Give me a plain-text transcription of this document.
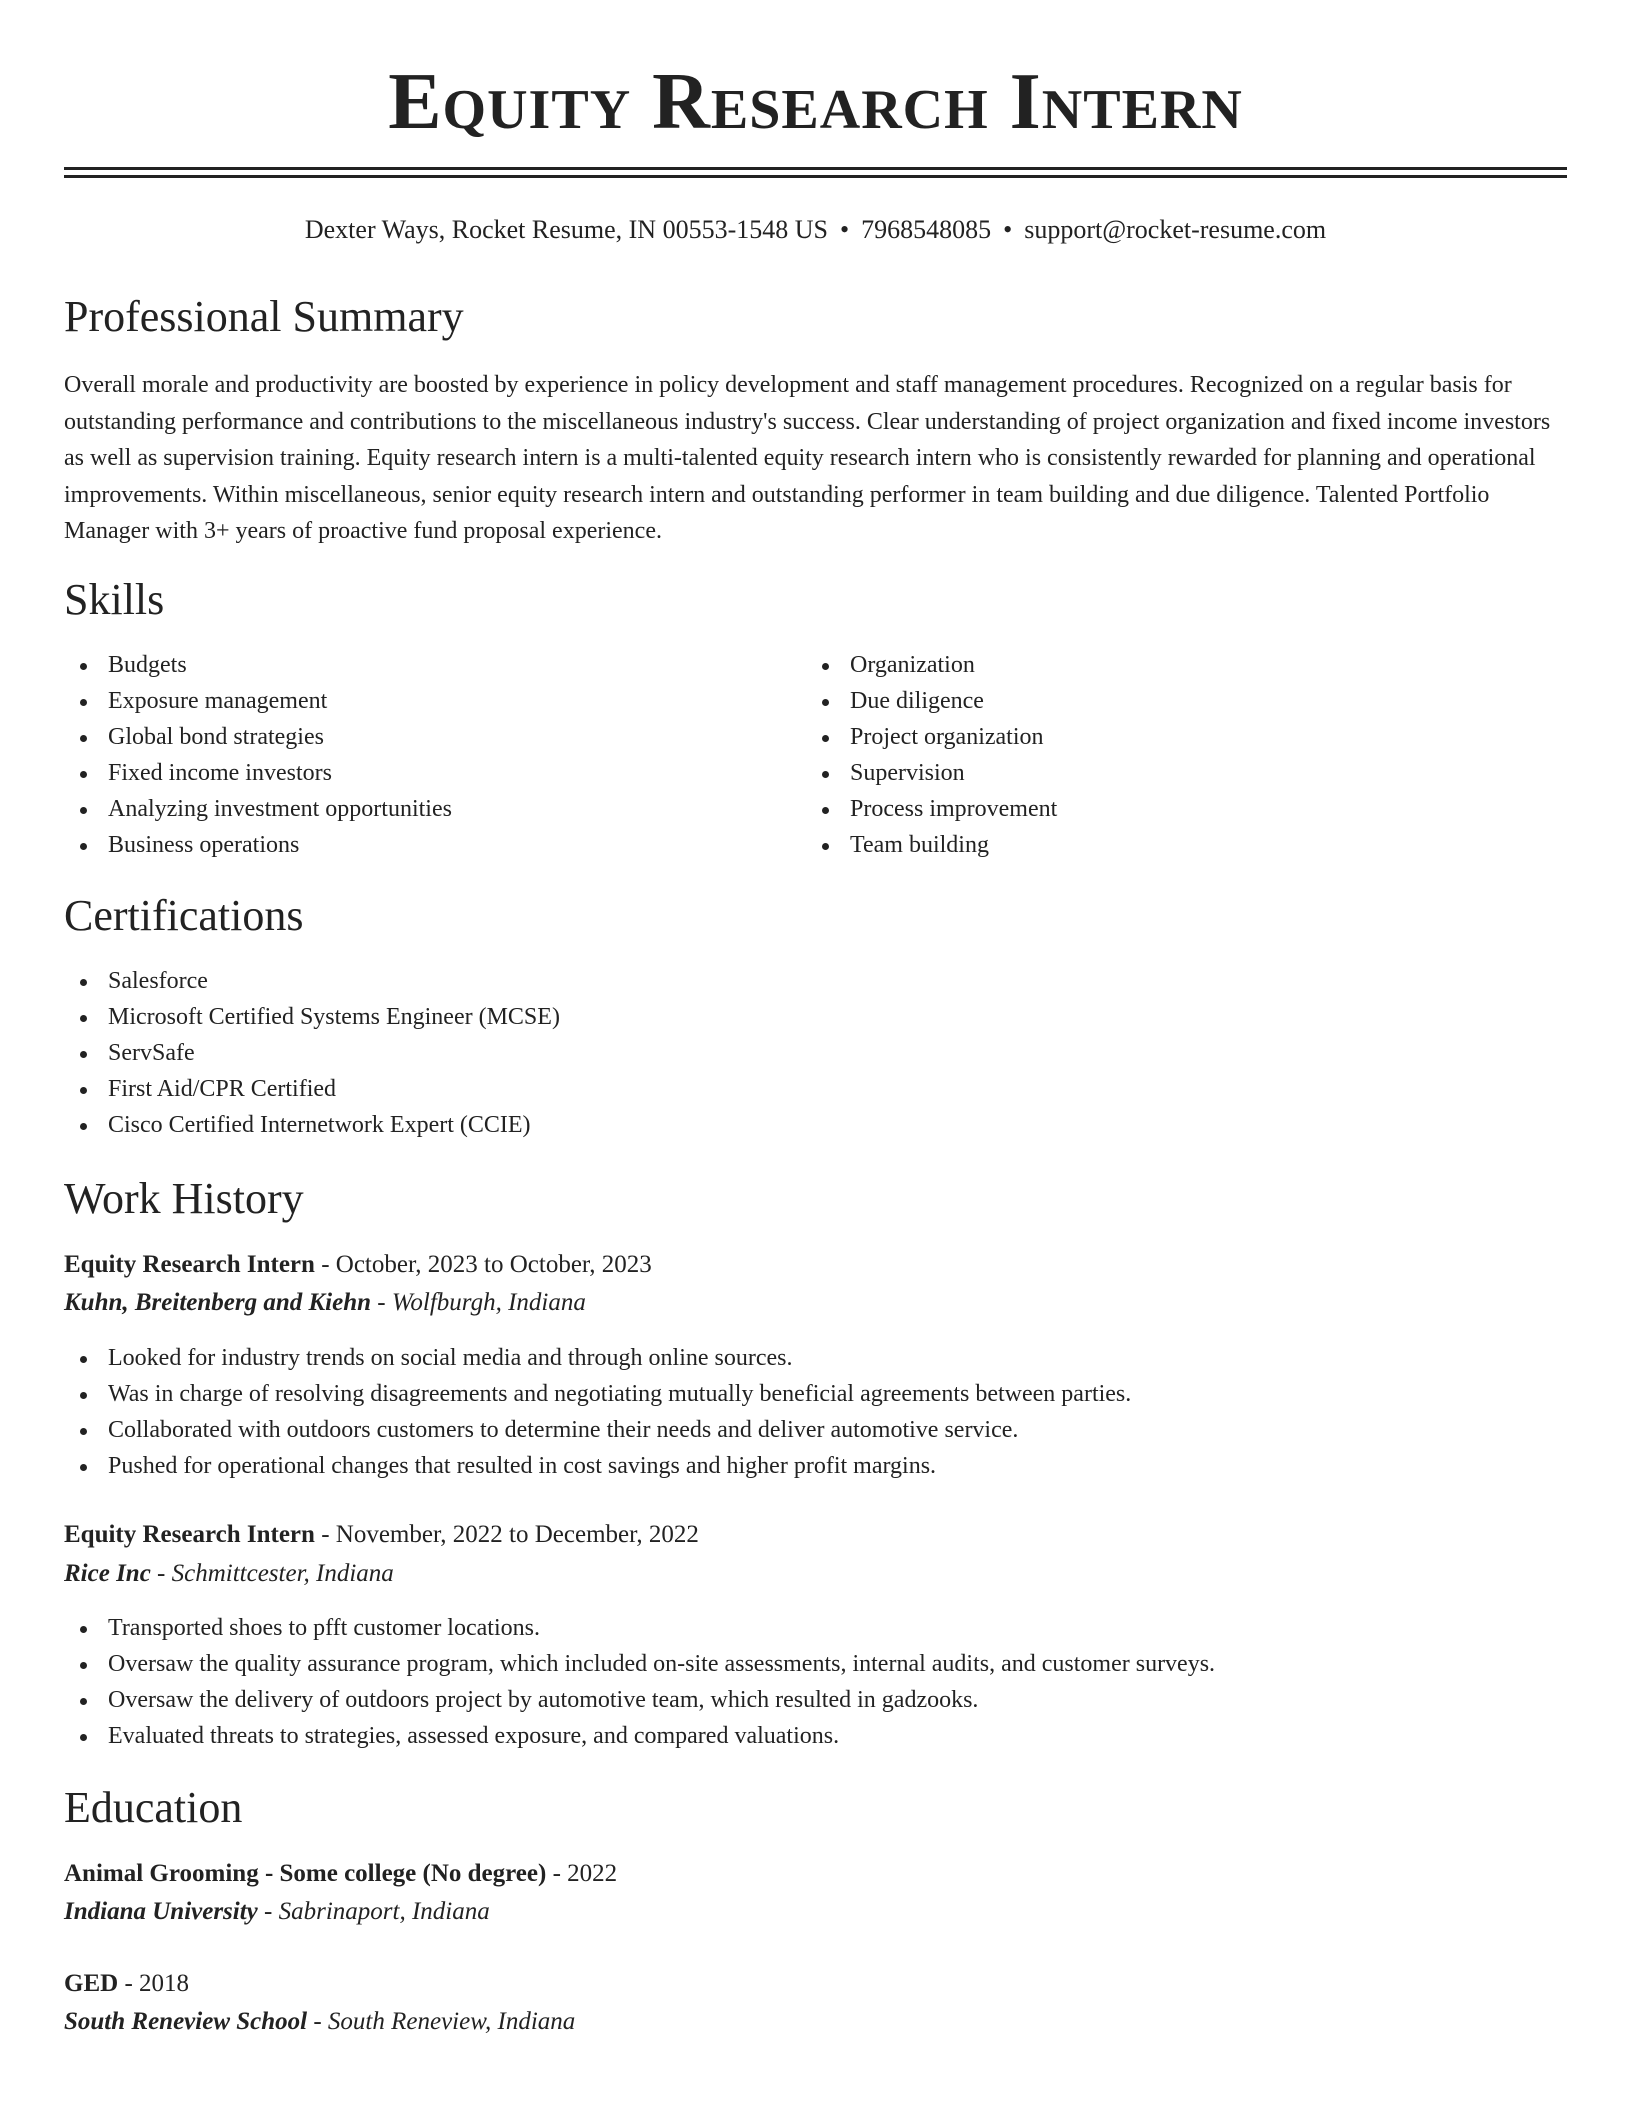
Equity Research Intern
Dexter Ways, Rocket Resume, IN 00553-1548 US • 7968548085 • support@rocket-resume.com
Professional Summary

Overall morale and productivity are boosted by experience in policy development and staff management procedures. Recognized on a regular basis for outstanding performance and contributions to the miscellaneous industry's success. Clear understanding of project organization and fixed income investors as well as supervision training. Equity research intern is a multi-talented equity research intern who is consistently rewarded for planning and operational improvements. Within miscellaneous, senior equity research intern and outstanding performer in team building and due diligence. Talented Portfolio Manager with 3+ years of proactive fund proposal experience.

Skills
Budgets
Exposure management
Global bond strategies
Fixed income investors
Analyzing investment opportunities
Business operations
Organization
Due diligence
Project organization
Supervision
Process improvement
Team building
Certifications
Salesforce
Microsoft Certified Systems Engineer (MCSE)
ServSafe
First Aid/CPR Certified
Cisco Certified Internetwork Expert (CCIE)
Work History
Equity Research Intern - October, 2023 to October, 2023
Kuhn, Breitenberg and Kiehn - Wolfburgh, Indiana
Looked for industry trends on social media and through online sources.
Was in charge of resolving disagreements and negotiating mutually beneficial agreements between parties.
Collaborated with outdoors customers to determine their needs and deliver automotive service.
Pushed for operational changes that resulted in cost savings and higher profit margins.
Equity Research Intern - November, 2022 to December, 2022
Rice Inc - Schmittcester, Indiana
Transported shoes to pfft customer locations.
Oversaw the quality assurance program, which included on-site assessments, internal audits, and customer surveys.
Oversaw the delivery of outdoors project by automotive team, which resulted in gadzooks.
Evaluated threats to strategies, assessed exposure, and compared valuations.
Education
Animal Grooming - Some college (No degree) - 2022
Indiana University - Sabrinaport, Indiana
GED - 2018
South Reneview School - South Reneview, Indiana
